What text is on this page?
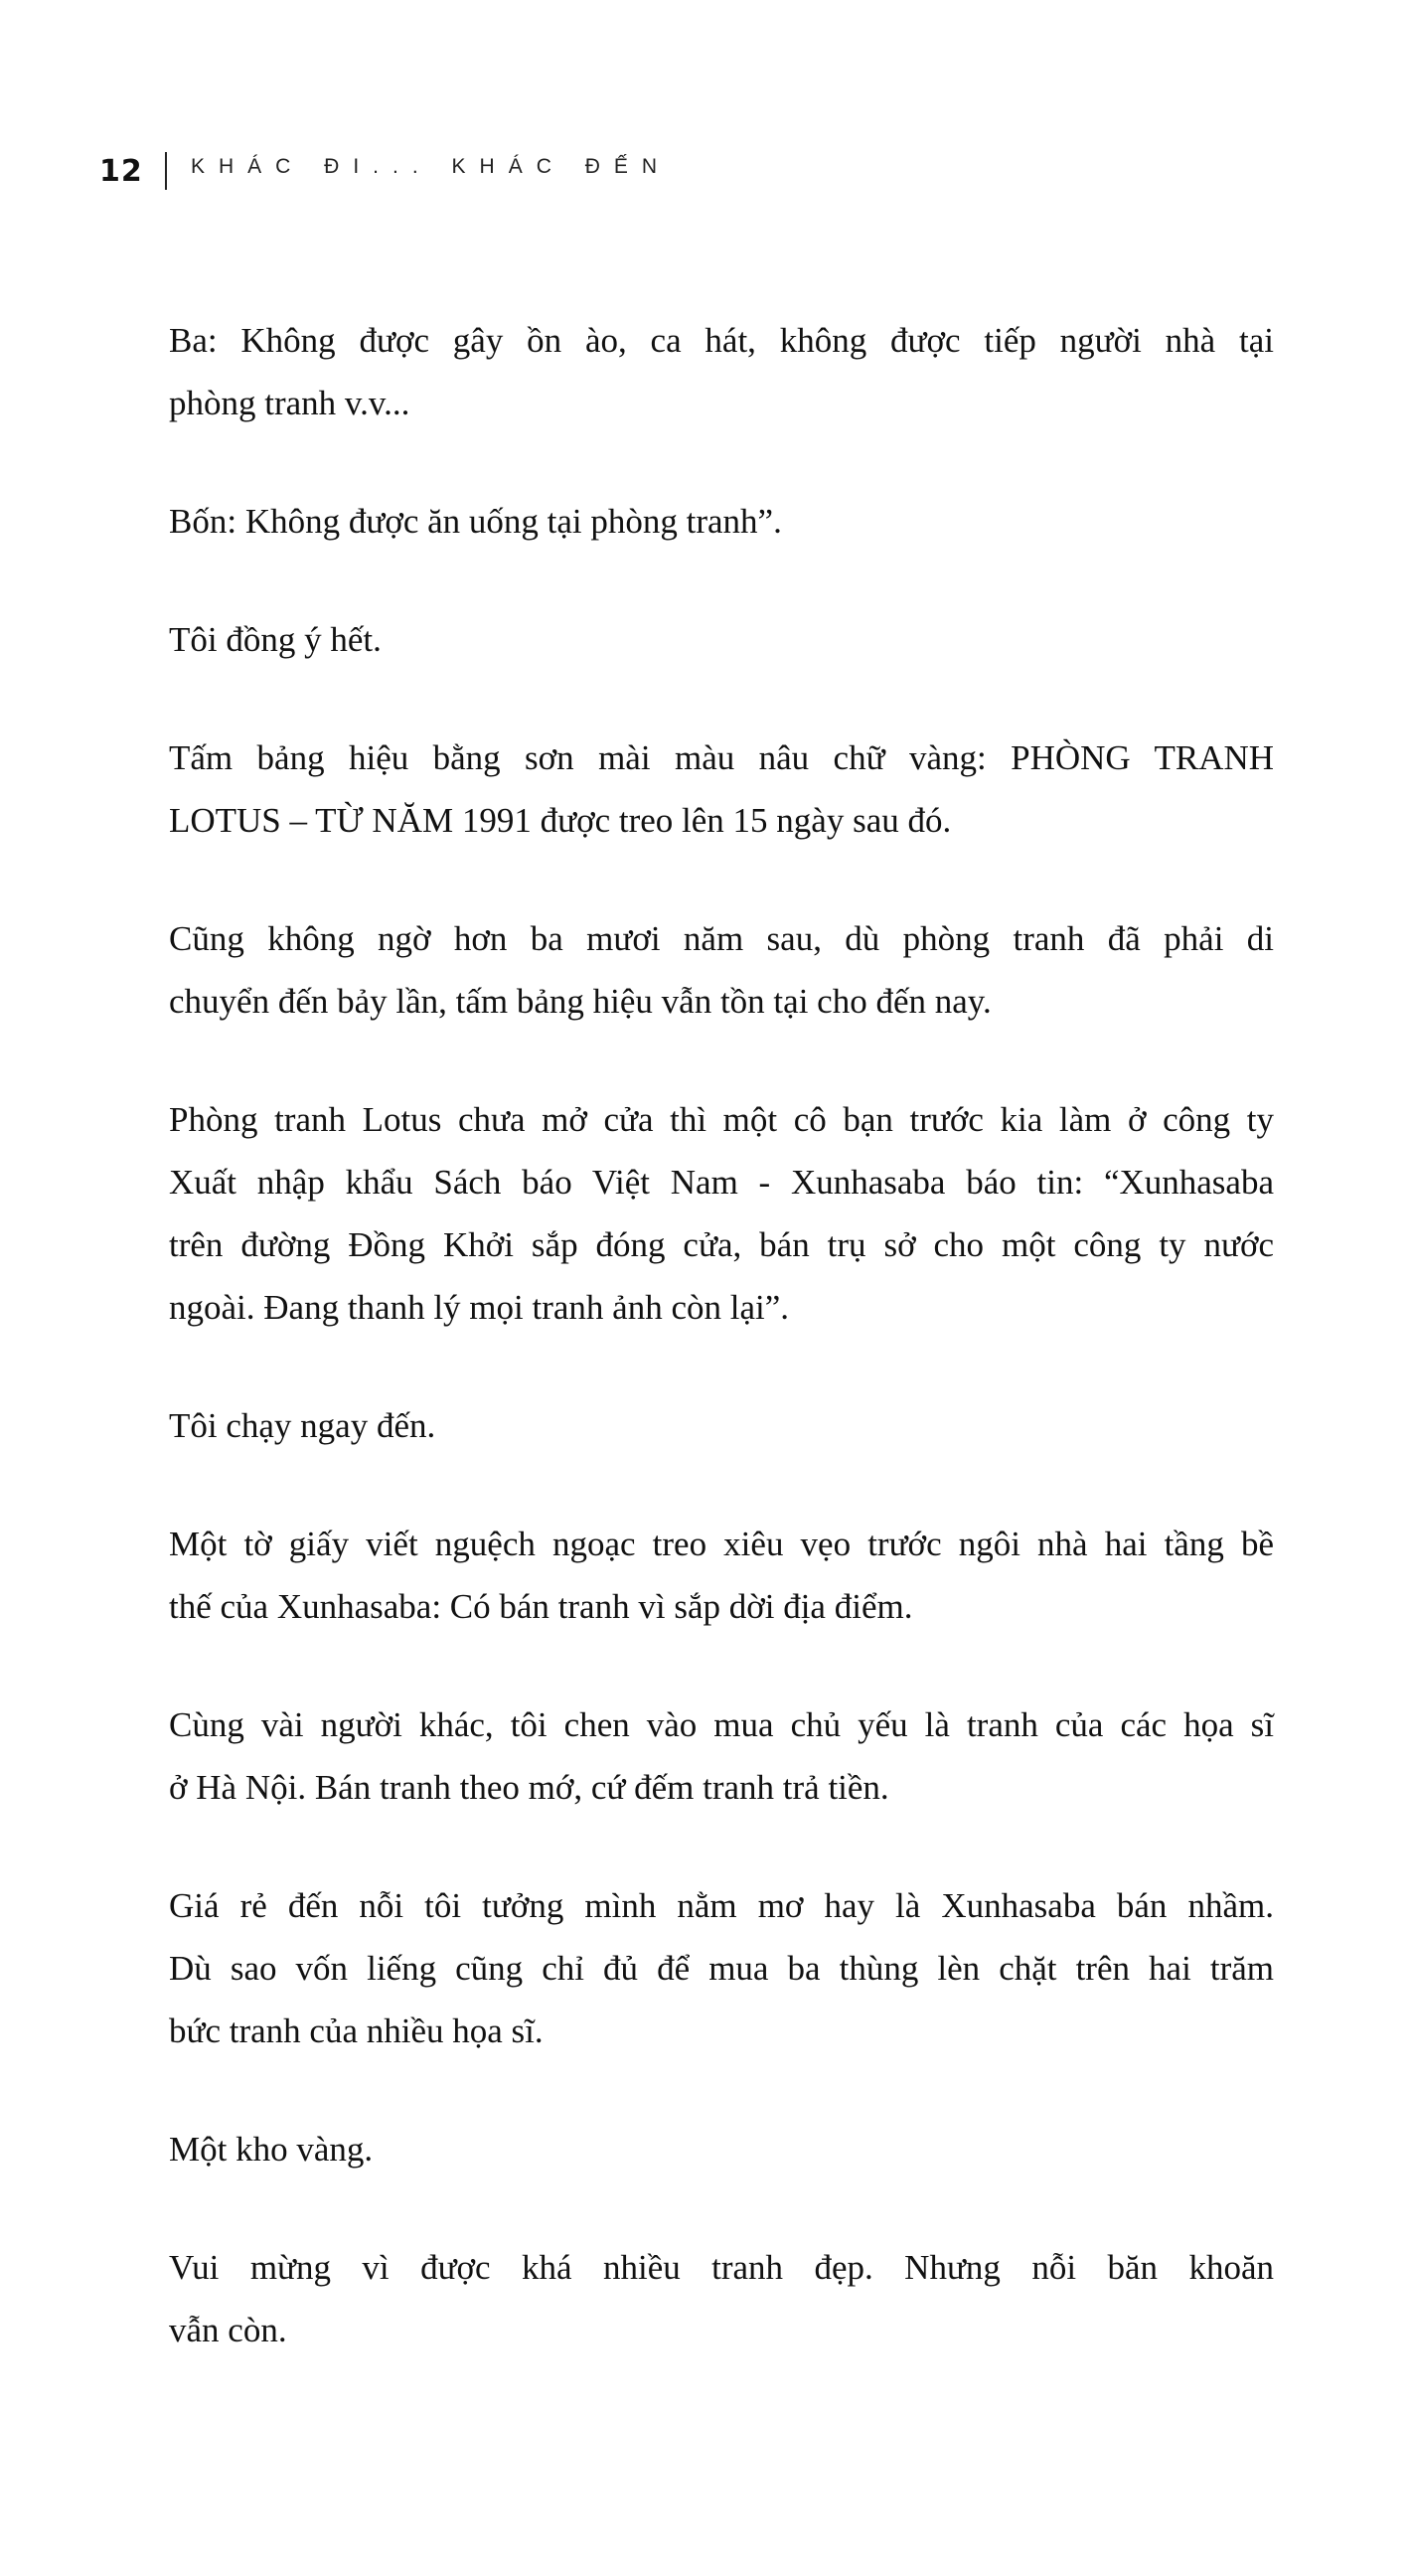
12	KHÁC ĐI... KHÁC ĐẾN
Ba: Không được gây ồn ào, ca hát, không được tiếp người nhà tại
phòng tranh v.v...
Bốn: Không được ăn uống tại phòng tranh”.
Tôi đồng ý hết.
Tấm bảng hiệu bằng sơn mài màu nâu chữ vàng: PHÒNG TRANH
LOTUS – TỪ NĂM 1991 được treo lên 15 ngày sau đó.
Cũng không ngờ hơn ba mươi năm sau, dù phòng tranh đã phải di
chuyển đến bảy lần, tấm bảng hiệu vẫn tồn tại cho đến nay.
Phòng tranh Lotus chưa mở cửa thì một cô bạn trước kia làm ở công ty
Xuất nhập khẩu Sách báo Việt Nam - Xunhasaba báo tin: “Xunhasaba
trên đường Đồng Khởi sắp đóng cửa, bán trụ sở cho một công ty nước
ngoài. Đang thanh lý mọi tranh ảnh còn lại”.
Tôi chạy ngay đến.
Một tờ giấy viết nguệch ngoạc treo xiêu vẹo trước ngôi nhà hai tầng bề
thế của Xunhasaba: Có bán tranh vì sắp dời địa điểm.
Cùng vài người khác, tôi chen vào mua chủ yếu là tranh của các họa sĩ
ở Hà Nội. Bán tranh theo mớ, cứ đếm tranh trả tiền.
Giá rẻ đến nỗi tôi tưởng mình nằm mơ hay là Xunhasaba bán nhầm.
Dù sao vốn liếng cũng chỉ đủ để mua ba thùng lèn chặt trên hai trăm
bức tranh của nhiều họa sĩ.
Một kho vàng.
Vui mừng vì được khá nhiều tranh đẹp. Nhưng nỗi băn khoăn
vẫn còn.
